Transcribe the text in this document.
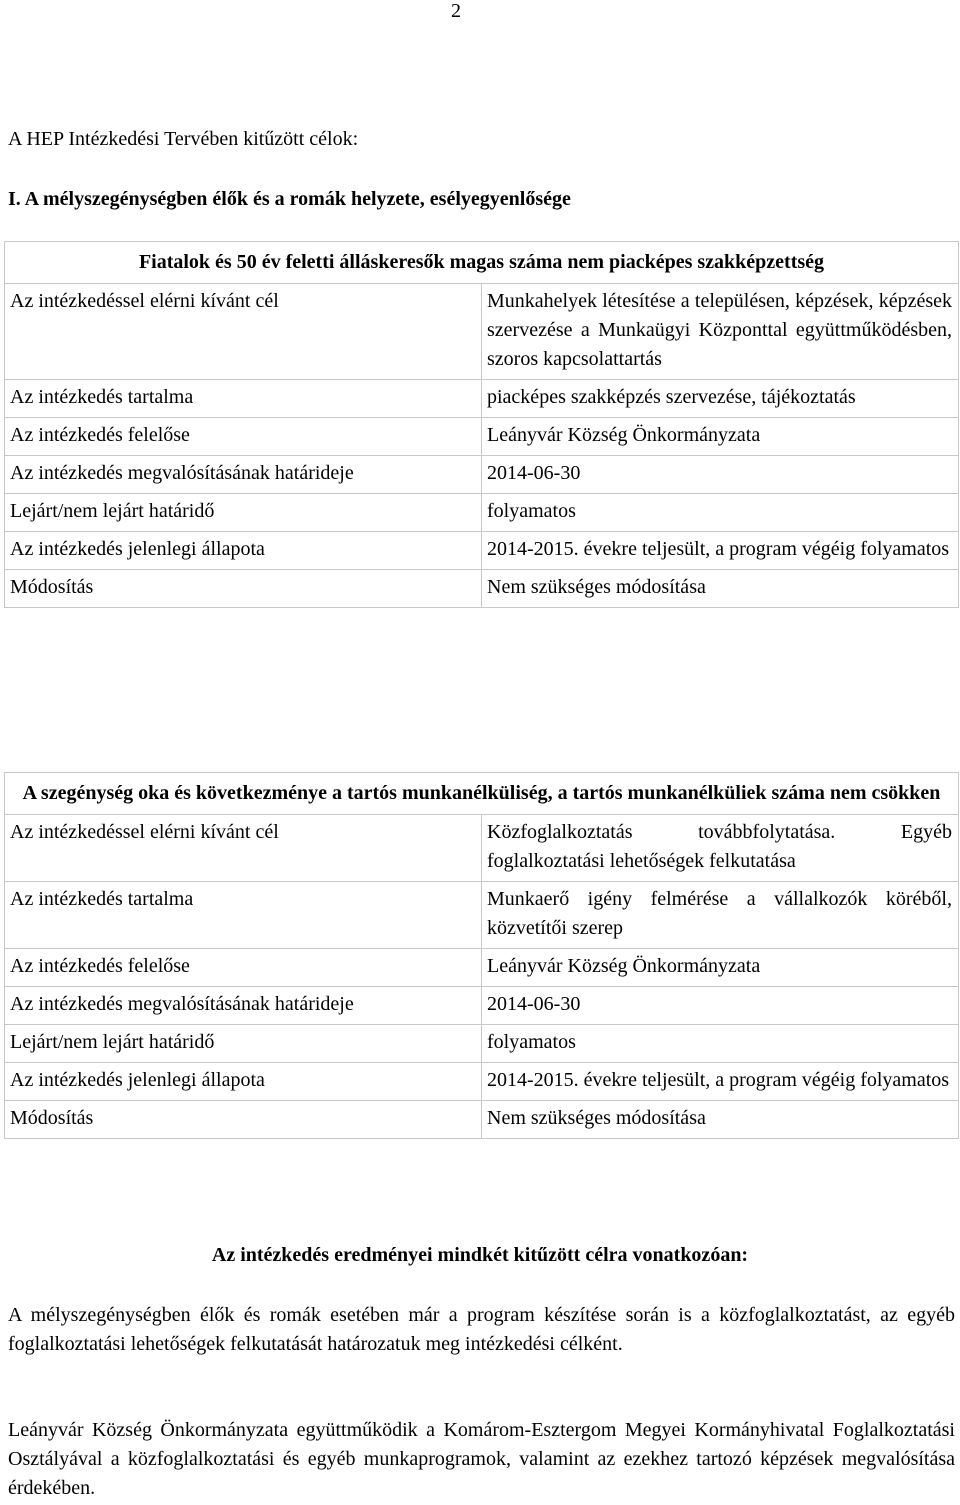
2
A HEP Intézkedési Tervében kitűzött célok:
I. A mélyszegénységben élők és a romák helyzete, esélyegyenlősége
Fiatalok és 50 év feletti álláskeresők magas száma nem piacképes szakképzettség	
Az intézkedéssel elérni kívánt cél	Munkahelyek létesítése a településen, képzések, képzések szervezése a Munkaügyi Központtal együttműködésben, szoros kapcsolattartás
Az intézkedés tartalma	piacképes szakképzés szervezése, tájékoztatás
Az intézkedés felelőse	Leányvár Község Önkormányzata
Az intézkedés megvalósításának határideje	2014-06-30
Lejárt/nem lejárt határidő	folyamatos
Az intézkedés jelenlegi állapota	2014-2015. évekre teljesült, a program végéig folyamatos
Módosítás	Nem szükséges módosítása
A szegénység oka és következménye a tartós munkanélküliség, a tartós munkanélküliek száma nem csökken	
Az intézkedéssel elérni kívánt cél	Közfoglalkoztatás továbbfolytatása. Egyéb foglalkoztatási lehetőségek felkutatása
Az intézkedés tartalma	Munkaerő igény felmérése a vállalkozók köréből, közvetítői szerep
Az intézkedés felelőse	Leányvár Község Önkormányzata
Az intézkedés megvalósításának határideje	2014-06-30
Lejárt/nem lejárt határidő	folyamatos
Az intézkedés jelenlegi állapota	2014-2015. évekre teljesült, a program végéig folyamatos
Módosítás	Nem szükséges módosítása
Az intézkedés eredményei mindkét kitűzött célra vonatkozóan:
A mélyszegénységben élők és romák esetében már a program készítése során is a közfoglalkoztatást, az egyéb foglalkoztatási lehetőségek felkutatását határozatuk meg intézkedési célként.
Leányvár Község Önkormányzata együttműködik a Komárom-Esztergom Megyei Kormányhivatal Foglalkoztatási Osztályával a közfoglalkoztatási és egyéb munkaprogramok, valamint az ezekhez tartozó képzések megvalósítása érdekében.
